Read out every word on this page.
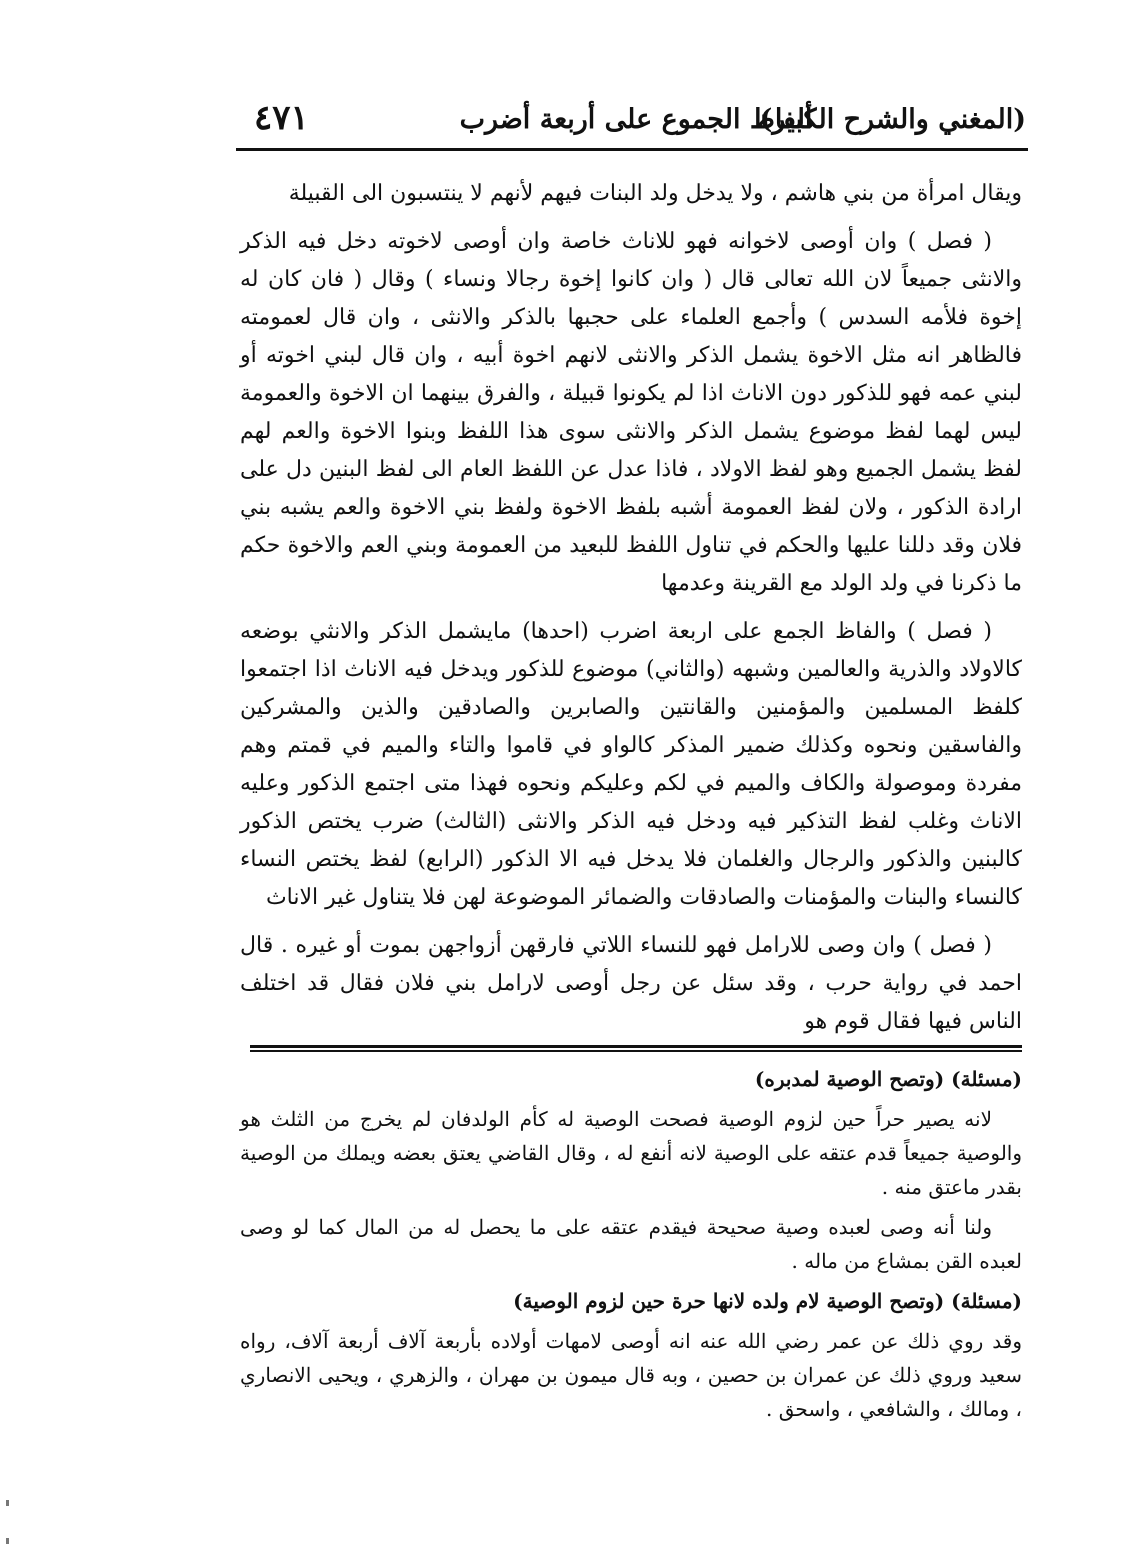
(المغني والشرح الكبير)
ألفاظ الجموع على أربعة أضرب
٤٧١

ويقال امرأة من بني هاشم ، ولا يدخل ولد البنات فيهم لأنهم لا ينتسبون الى القبيلة

( فصل ) وان أوصى لاخوانه فهو للاناث خاصة وان أوصى لاخوته دخل فيه الذكر والانثى جميعاً لان الله تعالى قال ( وان كانوا إخوة رجالا ونساء ) وقال ( فان كان له إخوة فلأمه السدس ) وأجمع العلماء على حجبها بالذكر والانثى ، وان قال لعمومته فالظاهر انه مثل الاخوة يشمل الذكر والانثى لانهم اخوة أبيه ، وان قال لبني اخوته أو لبني عمه فهو للذكور دون الاناث اذا لم يكونوا قبيلة ، والفرق بينهما ان الاخوة والعمومة ليس لهما لفظ موضوع يشمل الذكر والانثى سوى هذا اللفظ وبنوا الاخوة والعم لهم لفظ يشمل الجميع وهو لفظ الاولاد ، فاذا عدل عن اللفظ العام الى لفظ البنين دل على ارادة الذكور ، ولان لفظ العمومة أشبه بلفظ الاخوة ولفظ بني الاخوة والعم يشبه بني فلان وقد دللنا عليها والحكم في تناول اللفظ للبعيد من العمومة وبني العم والاخوة حكم ما ذكرنا في ولد الولد مع القرينة وعدمها

( فصل ) والفاظ الجمع على اربعة اضرب (احدها) مايشمل الذكر والانثي بوضعه كالاولاد والذرية والعالمين وشبهه (والثاني) موضوع للذكور ويدخل فيه الاناث اذا اجتمعوا كلفظ المسلمين والمؤمنين والقانتين والصابرين والصادقين والذين والمشركين والفاسقين ونحوه وكذلك ضمير المذكر كالواو في قاموا والتاء والميم في قمتم وهم مفردة وموصولة والكاف والميم في لكم وعليكم ونحوه فهذا متى اجتمع الذكور وعليه الاناث وغلب لفظ التذكير فيه ودخل فيه الذكر والانثى (الثالث) ضرب يختص الذكور كالبنين والذكور والرجال والغلمان فلا يدخل فيه الا الذكور (الرابع) لفظ يختص النساء كالنساء والبنات والمؤمنات والصادقات والضمائر الموضوعة لهن فلا يتناول غير الاناث

( فصل ) وان وصى للارامل فهو للنساء اللاتي فارقهن أزواجهن بموت أو غيره . قال احمد في رواية حرب ، وقد سئل عن رجل أوصى لارامل بني فلان فقال قد اختلف الناس فيها فقال قوم هو

(مسئلة) (وتصح الوصية لمدبره)

لانه يصير حراً حين لزوم الوصية فصحت الوصية له كأم الولدفان لم يخرج من الثلث هو والوصية جميعاً قدم عتقه على الوصية لانه أنفع له ، وقال القاضي يعتق بعضه ويملك من الوصية بقدر ماعتق منه .

ولنا أنه وصى لعبده وصية صحيحة فيقدم عتقه على ما يحصل له من المال كما لو وصى لعبده القن بمشاع من ماله .

(مسئلة) (وتصح الوصية لام ولده لانها حرة حين لزوم الوصية)

وقد روي ذلك عن عمر رضي الله عنه انه أوصى لامهات أولاده بأربعة آلاف أربعة آلاف، رواه سعيد وروي ذلك عن عمران بن حصين ، وبه قال ميمون بن مهران ، والزهري ، ويحيى الانصاري ، ومالك ، والشافعي ، واسحق .
